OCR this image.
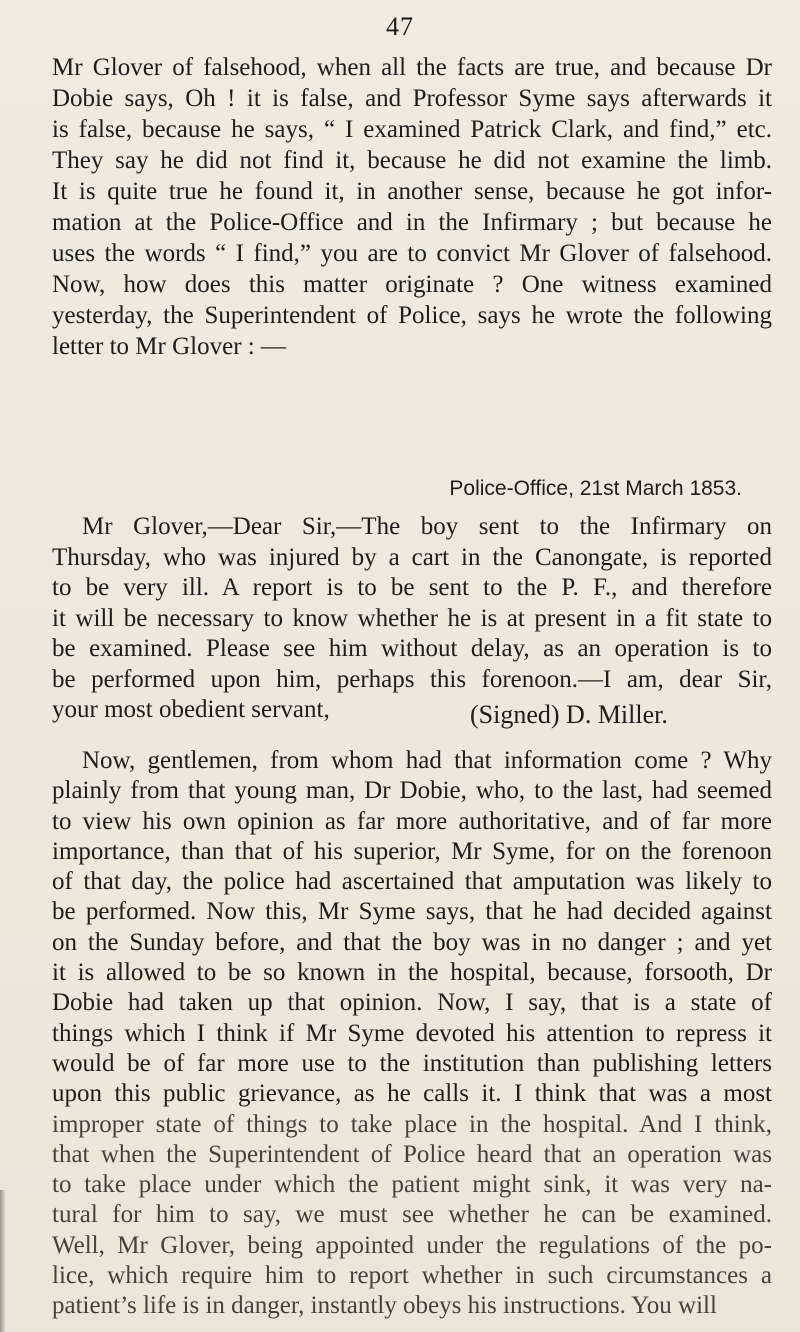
47
Mr Glover of falsehood, when all the facts are true, and because Dr
Dobie says, Oh ! it is false, and Professor Syme says afterwards it
is false, because he says, “ I examined Patrick Clark, and find,” etc.
They say he did not find it, because he did not examine the limb.
It is quite true he found it, in another sense, because he got infor-
mation at the Police-Office and in the Infirmary ; but because he
uses the words “ I find,” you are to convict Mr Glover of falsehood.
Now, how does this matter originate ? One witness examined
yesterday, the Superintendent of Police, says he wrote the following
letter to Mr Glover : —
Police-Office, 21st March 1853.
Mr Glover,—Dear Sir,—The boy sent to the Infirmary on
Thursday, who was injured by a cart in the Canongate, is reported
to be very ill. A report is to be sent to the P. F., and therefore
it will be necessary to know whether he is at present in a fit state to
be examined. Please see him without delay, as an operation is to
be performed upon him, perhaps this forenoon.—I am, dear Sir,
your most obedient servant,	(Signed) D. Miller.
Now, gentlemen, from whom had that information come ? Why
plainly from that young man, Dr Dobie, who, to the last, had seemed
to view his own opinion as far more authoritative, and of far more
importance, than that of his superior, Mr Syme, for on the forenoon
of that day, the police had ascertained that amputation was likely to
be performed. Now this, Mr Syme says, that he had decided against
on the Sunday before, and that the boy was in no danger ; and yet
it is allowed to be so known in the hospital, because, forsooth, Dr
Dobie had taken up that opinion. Now, I say, that is a state of
things which I think if Mr Syme devoted his attention to repress it
would be of far more use to the institution than publishing letters
upon this public grievance, as he calls it. I think that was a most
improper state of things to take place in the hospital. And I think,
that when the Superintendent of Police heard that an operation was
to take place under which the patient might sink, it was very na-
tural for him to say, we must see whether he can be examined.
Well, Mr Glover, being appointed under the regulations of the po-
lice, which require him to report whether in such circumstances a
patient’s life is in danger, instantly obeys his instructions. You will
